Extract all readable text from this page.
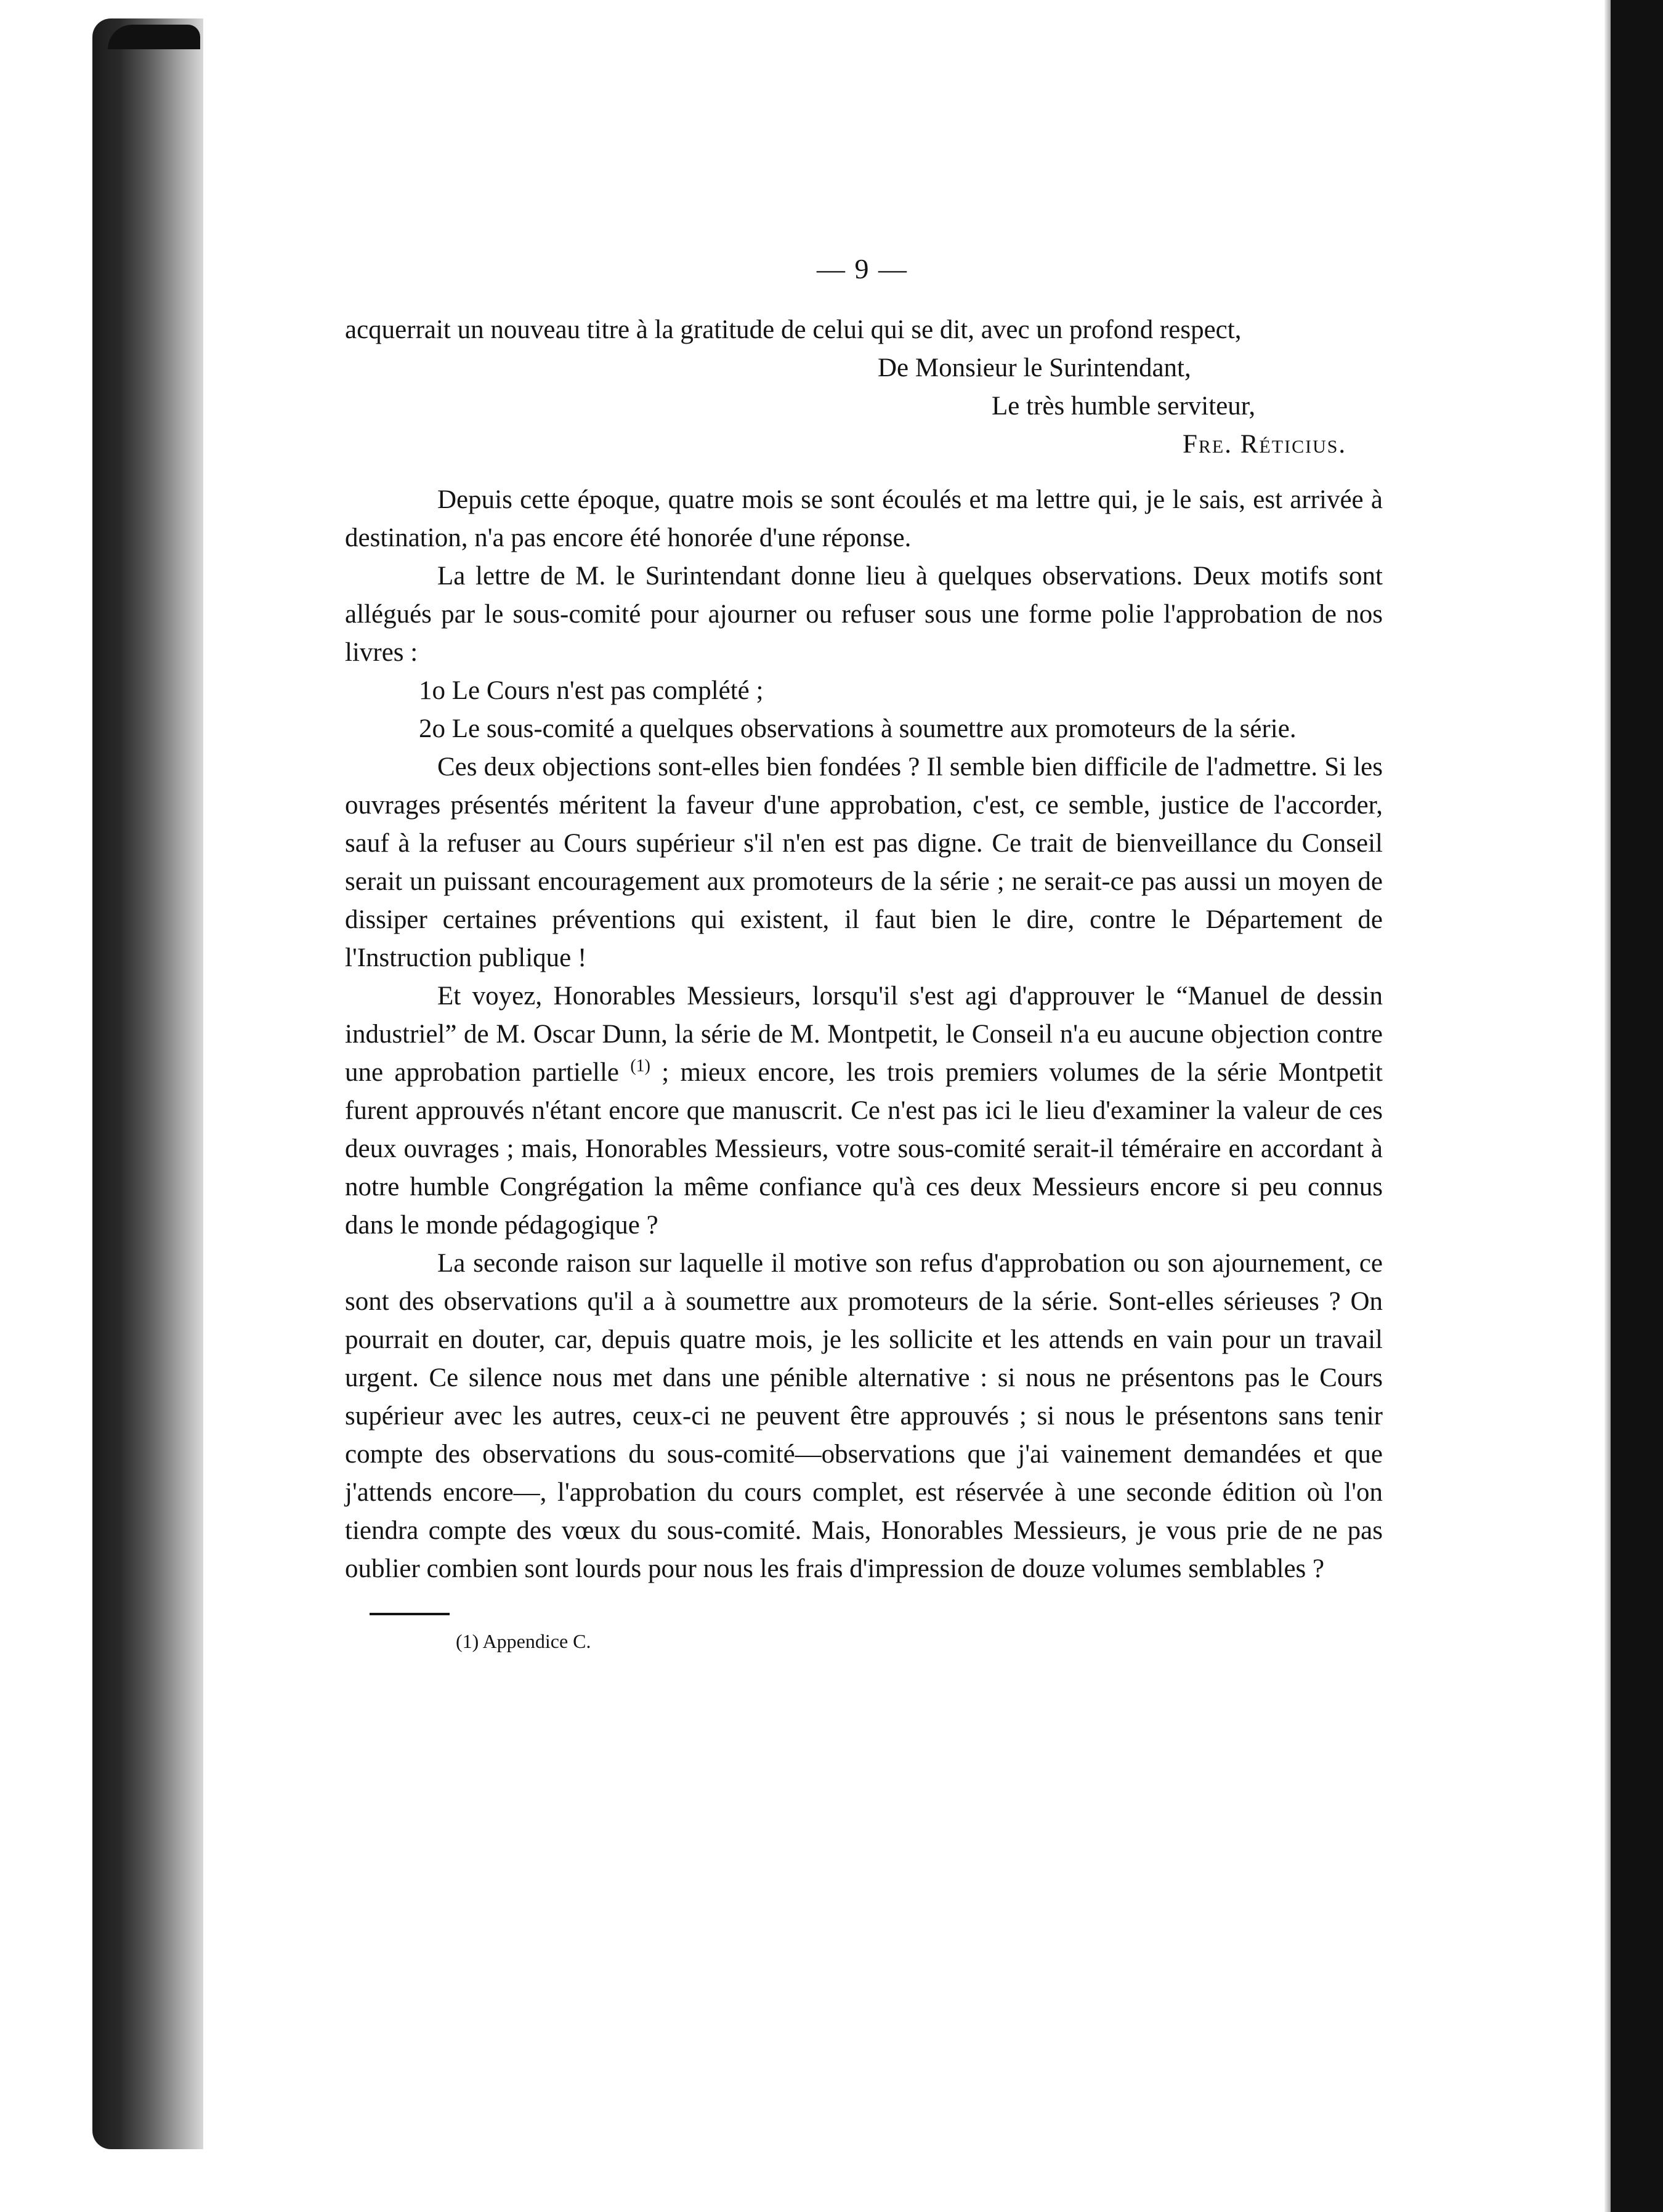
— 9 —

acquerrait un nouveau titre à la gratitude de celui qui se dit, avec un profond respect,

De Monsieur le Surintendant,

Le très humble serviteur,

Fre. Réticius.

Depuis cette époque, quatre mois se sont écoulés et ma lettre qui, je le sais, est arrivée à destination, n'a pas encore été honorée d'une réponse.

La lettre de M. le Surintendant donne lieu à quelques observations. Deux motifs sont allégués par le sous-comité pour ajourner ou refuser sous une forme polie l'approbation de nos livres :

1o Le Cours n'est pas complété ;

2o Le sous-comité a quelques observations à soumettre aux promoteurs de la série.

Ces deux objections sont-elles bien fondées ? Il semble bien difficile de l'admettre. Si les ouvrages présentés méritent la faveur d'une approbation, c'est, ce semble, justice de l'accorder, sauf à la refuser au Cours supérieur s'il n'en est pas digne. Ce trait de bienveillance du Conseil serait un puissant encouragement aux promoteurs de la série ; ne serait-ce pas aussi un moyen de dissiper certaines préventions qui existent, il faut bien le dire, contre le Département de l'Instruction publique !

Et voyez, Honorables Messieurs, lorsqu'il s'est agi d'approuver le “Manuel de dessin industriel” de M. Oscar Dunn, la série de M. Montpetit, le Conseil n'a eu aucune objection contre une approbation partielle $^{(1)}$ ; mieux encore, les trois premiers volumes de la série Montpetit furent approuvés n'étant encore que manuscrit. Ce n'est pas ici le lieu d'examiner la valeur de ces deux ouvrages ; mais, Honorables Messieurs, votre sous-comité serait-il téméraire en accordant à notre humble Congrégation la même confiance qu'à ces deux Messieurs encore si peu connus dans le monde pédagogique ?

La seconde raison sur laquelle il motive son refus d'approbation ou son ajournement, ce sont des observations qu'il a à soumettre aux promoteurs de la série. Sont-elles sérieuses ? On pourrait en douter, car, depuis quatre mois, je les sollicite et les attends en vain pour un travail urgent. Ce silence nous met dans une pénible alternative : si nous ne présentons pas le Cours supérieur avec les autres, ceux-ci ne peuvent être approuvés ; si nous le présentons sans tenir compte des observations du sous-comité—observations que j'ai vainement demandées et que j'attends encore—, l'approbation du cours complet, est réservée à une seconde édition où l'on tiendra compte des vœux du sous-comité. Mais, Honorables Messieurs, je vous prie de ne pas oublier combien sont lourds pour nous les frais d'impression de douze volumes semblables ?

(1) Appendice C.
